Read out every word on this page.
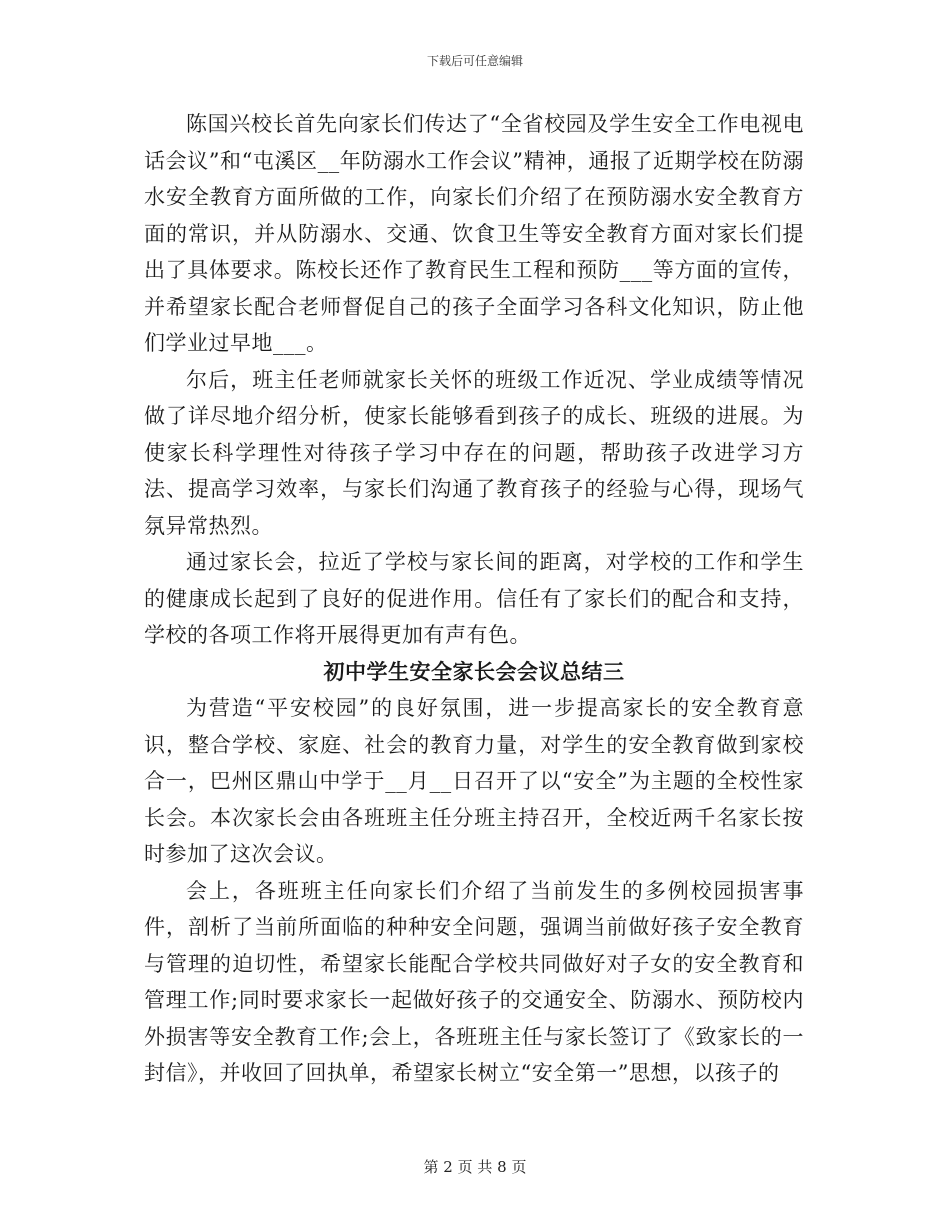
下载后可任意编辑

陈国兴校长首先向家长们传达了“全省校园及学生安全工作电视电话会议”和“屯溪区__年防溺水工作会议”精神，通报了近期学校在防溺水安全教育方面所做的工作，向家长们介绍了在预防溺水安全教育方面的常识，并从防溺水、交通、饮食卫生等安全教育方面对家长们提出了具体要求。陈校长还作了教育民生工程和预防___等方面的宣传，并希望家长配合老师督促自己的孩子全面学习各科文化知识，防止他们学业过早地___。

尔后，班主任老师就家长关怀的班级工作近况、学业成绩等情况做了详尽地介绍分析，使家长能够看到孩子的成长、班级的进展。为使家长科学理性对待孩子学习中存在的问题，帮助孩子改进学习方法、提高学习效率，与家长们沟通了教育孩子的经验与心得，现场气氛异常热烈。

通过家长会，拉近了学校与家长间的距离，对学校的工作和学生的健康成长起到了良好的促进作用。信任有了家长们的配合和支持，学校的各项工作将开展得更加有声有色。

初中学生安全家长会会议总结三

为营造“平安校园”的良好氛围，进一步提高家长的安全教育意识，整合学校、家庭、社会的教育力量，对学生的安全教育做到家校合一，巴州区鼎山中学于__月__日召开了以“安全”为主题的全校性家长会。本次家长会由各班班主任分班主持召开，全校近两千名家长按时参加了这次会议。

会上，各班班主任向家长们介绍了当前发生的多例校园损害事件，剖析了当前所面临的种种安全问题，强调当前做好孩子安全教育与管理的迫切性，希望家长能配合学校共同做好对子女的安全教育和管理工作;同时要求家长一起做好孩子的交通安全、防溺水、预防校内外损害等安全教育工作;会上，各班班主任与家长签订了《致家长的一封信》，并收回了回执单，希望家长树立“安全第一”思想，以孩子的

第 2 页 共 8 页
